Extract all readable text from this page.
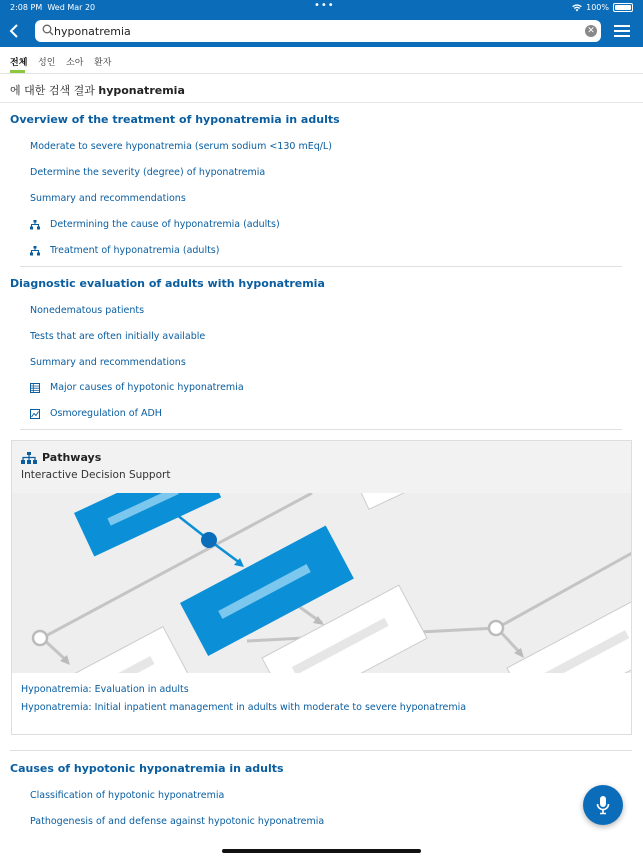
2:08 PM Wed Mar 20	•••	100%
hyponatremia
✕
전체 성인 소아 환자
에 대한 검색 결과 hyponatremia
Overview of the treatment of hyponatremia in adults
Moderate to severe hyponatremia (serum sodium <130 mEq/L)
Determine the severity (degree) of hyponatremia
Summary and recommendations
Determining the cause of hyponatremia (adults)
Treatment of hyponatremia (adults)
Diagnostic evaluation of adults with hyponatremia
Nonedematous patients
Tests that are often initially available
Summary and recommendations
Major causes of hypotonic hyponatremia
Osmoregulation of ADH
Pathways
Interactive Decision Support
Hyponatremia: Evaluation in adults
Hyponatremia: Initial inpatient management in adults with moderate to severe hyponatremia
Causes of hypotonic hyponatremia in adults
Classification of hypotonic hyponatremia
Pathogenesis of and defense against hypotonic hyponatremia
